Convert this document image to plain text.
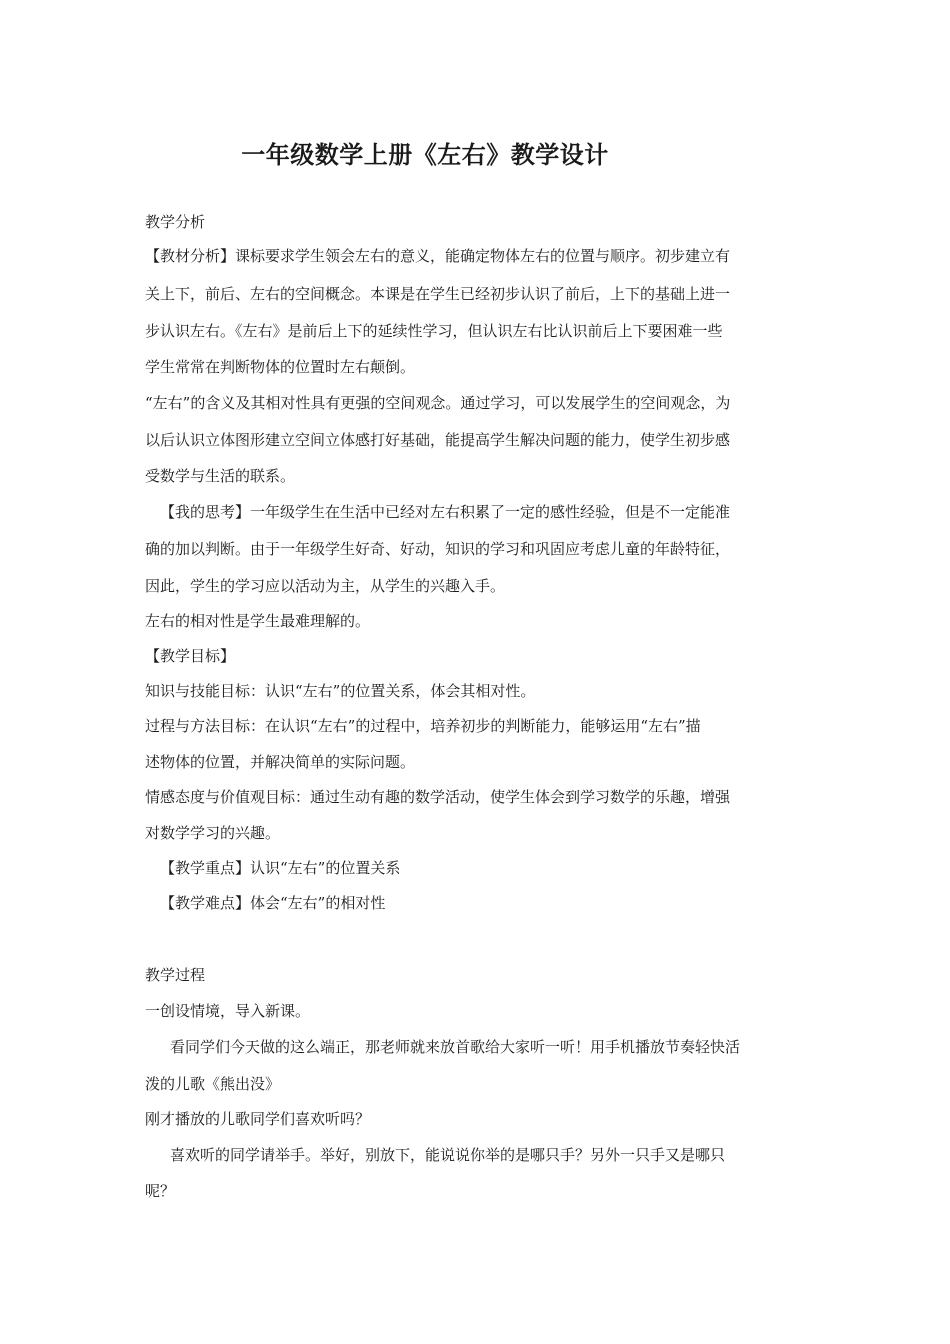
一年级数学上册《左右》教学设计

教学分析

【教材分析】课标要求学生领会左右的意义，能确定物体左右的位置与顺序。初步建立有

关上下，前后、左右的空间概念。本课是在学生已经初步认识了前后，上下的基础上进一

步认识左右。《左右》是前后上下的延续性学习，但认识左右比认识前后上下要困难一些

学生常常在判断物体的位置时左右颠倒。

“左右”的含义及其相对性具有更强的空间观念。通过学习，可以发展学生的空间观念，为

以后认识立体图形建立空间立体感打好基础，能提高学生解决问题的能力，使学生初步感

受数学与生活的联系。

【我的思考】一年级学生在生活中已经对左右积累了一定的感性经验，但是不一定能准

确的加以判断。由于一年级学生好奇、好动，知识的学习和巩固应考虑儿童的年龄特征，

因此，学生的学习应以活动为主，从学生的兴趣入手。

左右的相对性是学生最难理解的。

【教学目标】

知识与技能目标：认识“左右”的位置关系，体会其相对性。

过程与方法目标：在认识“左右”的过程中，培养初步的判断能力，能够运用“左右”描

述物体的位置，并解决简单的实际问题。

情感态度与价值观目标：通过生动有趣的数学活动，使学生体会到学习数学的乐趣，增强

对数学学习的兴趣。

【教学重点】认识“左右”的位置关系

【教学难点】体会“左右”的相对性

教学过程

一创设情境，导入新课。

看同学们今天做的这么端正，那老师就来放首歌给大家听一听！用手机播放节奏轻快活

泼的儿歌《熊出没》

刚才播放的儿歌同学们喜欢听吗？

喜欢听的同学请举手。举好，别放下，能说说你举的是哪只手？另外一只手又是哪只

呢？
